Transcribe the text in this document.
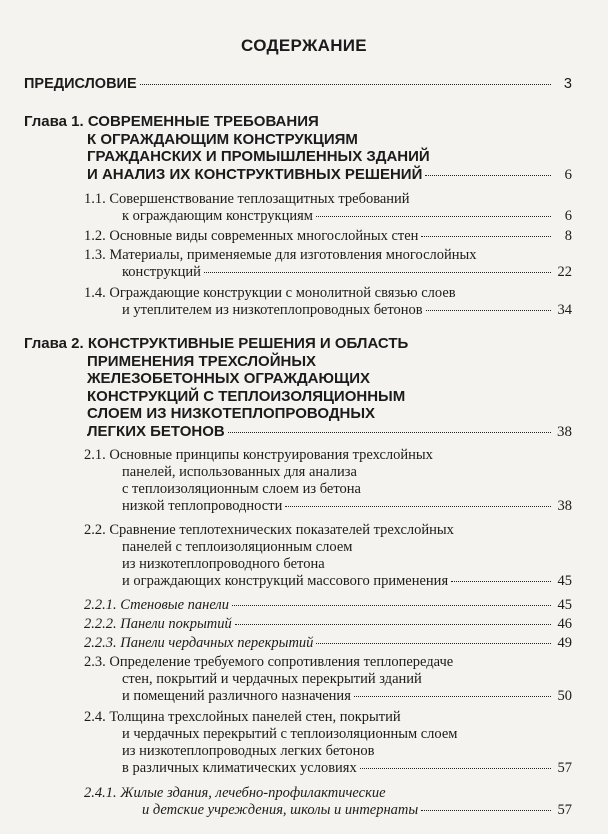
СОДЕРЖАНИЕ
ПРЕДИСЛОВИЕ	3
Глава 1. СОВРЕМЕННЫЕ ТРЕБОВАНИЯ
К ОГРАЖДАЮЩИМ КОНСТРУКЦИЯМ
ГРАЖДАНСКИХ И ПРОМЫШЛЕННЫХ ЗДАНИЙ
И АНАЛИЗ ИХ КОНСТРУКТИВНЫХ РЕШЕНИЙ	6
1.1. Совершенствование теплозащитных требований
к ограждающим конструкциям	6
1.2. Основные виды современных многослойных стен	8
1.3. Материалы, применяемые для изготовления многослойных
конструкций	22
1.4. Ограждающие конструкции с монолитной связью слоев
и утеплителем из низкотеплопроводных бетонов	34
Глава 2. КОНСТРУКТИВНЫЕ РЕШЕНИЯ И ОБЛАСТЬ
ПРИМЕНЕНИЯ ТРЕХСЛОЙНЫХ
ЖЕЛЕЗОБЕТОННЫХ ОГРАЖДАЮЩИХ
КОНСТРУКЦИЙ С ТЕПЛОИЗОЛЯЦИОННЫМ
СЛОЕМ ИЗ НИЗКОТЕПЛОПРОВОДНЫХ
ЛЕГКИХ БЕТОНОВ	38
2.1. Основные принципы конструирования трехслойных
панелей, использованных для анализа
с теплоизоляционным слоем из бетона
низкой теплопроводности	38
2.2. Сравнение теплотехнических показателей трехслойных
панелей с теплоизоляционным слоем
из низкотеплопроводного бетона
и ограждающих конструкций массового применения	45
2.2.1. Стеновые панели	45
2.2.2. Панели покрытий	46
2.2.3. Панели чердачных перекрытий	49
2.3. Определение требуемого сопротивления теплопередаче
стен, покрытий и чердачных перекрытий зданий
и помещений различного назначения	50
2.4. Толщина трехслойных панелей стен, покрытий
и чердачных перекрытий с теплоизоляционным слоем
из низкотеплопроводных легких бетонов
в различных климатических условиях	57
2.4.1. Жилые здания, лечебно-профилактические
и детские учреждения, школы и интернаты	57
